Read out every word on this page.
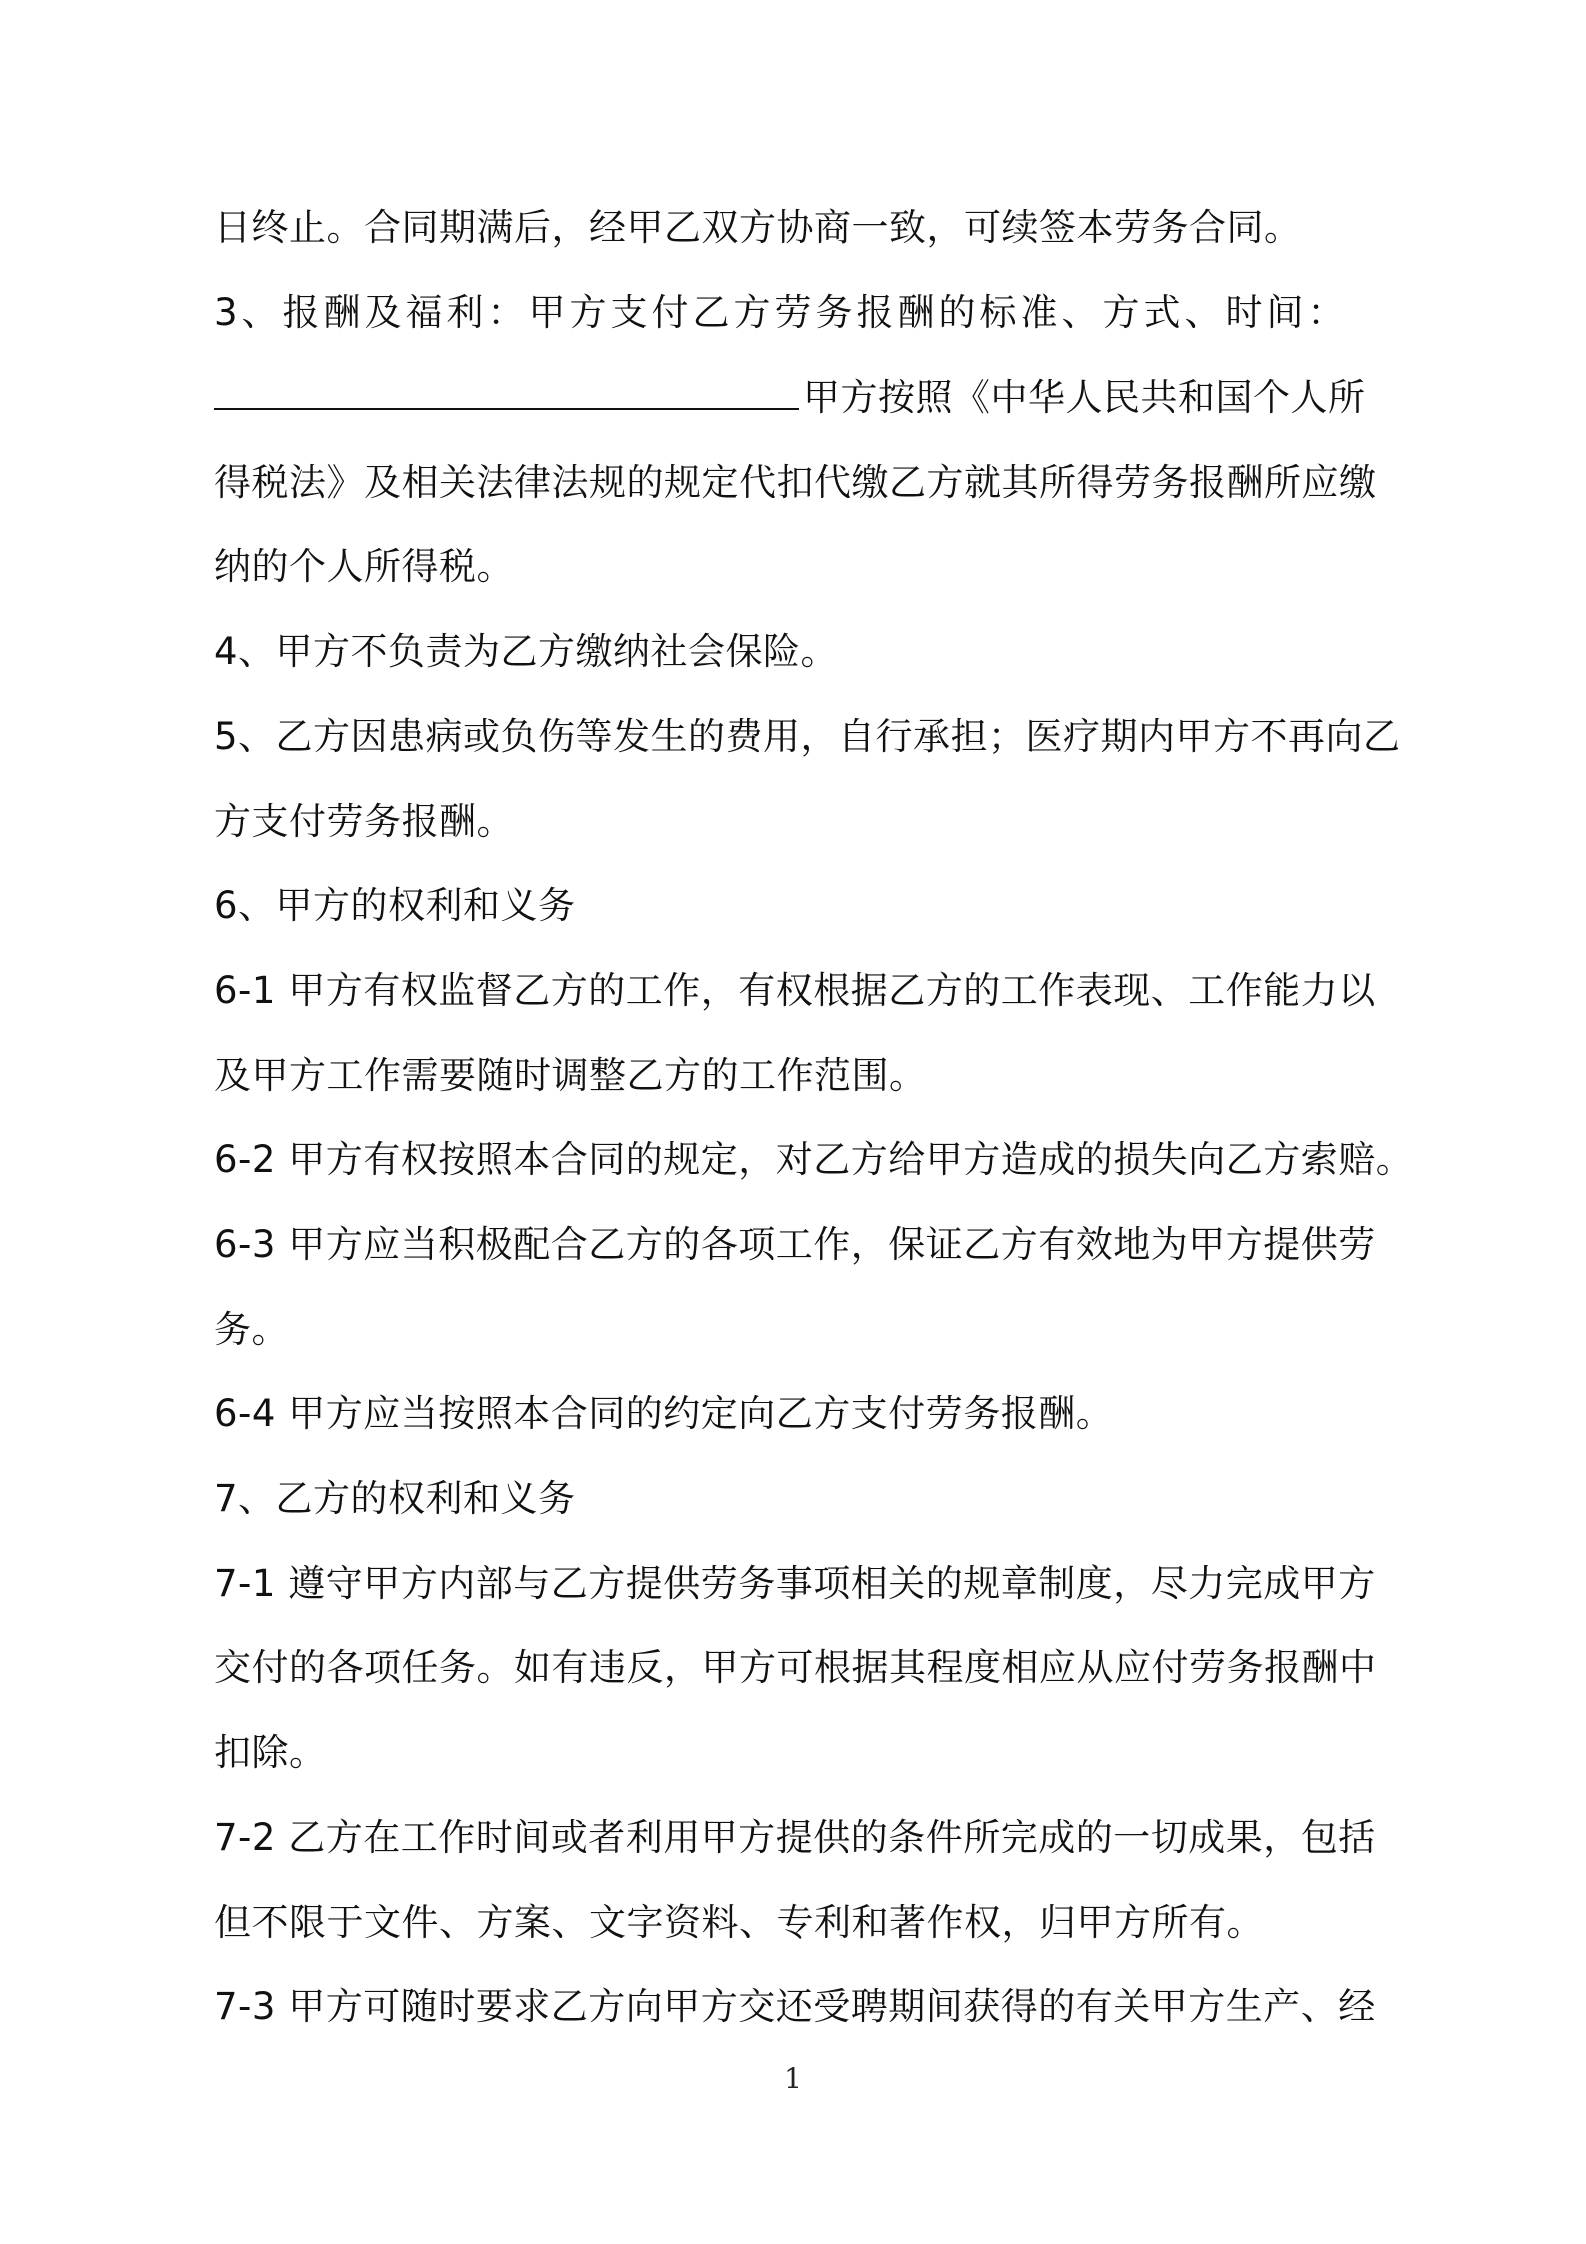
日终止。合同期满后，经甲乙双方协商一致，可续签本劳务合同。
3、报酬及福利：甲方支付乙方劳务报酬的标准、方式、时间：
甲方按照《中华人民共和国个人所
得税法》及相关法律法规的规定代扣代缴乙方就其所得劳务报酬所应缴
纳的个人所得税。
4、甲方不负责为乙方缴纳社会保险。
5、乙方因患病或负伤等发生的费用，自行承担；医疗期内甲方不再向乙
方支付劳务报酬。
6、甲方的权利和义务
6-1 甲方有权监督乙方的工作，有权根据乙方的工作表现、工作能力以
及甲方工作需要随时调整乙方的工作范围。
6-2 甲方有权按照本合同的规定，对乙方给甲方造成的损失向乙方索赔。
6-3 甲方应当积极配合乙方的各项工作，保证乙方有效地为甲方提供劳
务。
6-4 甲方应当按照本合同的约定向乙方支付劳务报酬。
7、乙方的权利和义务
7-1 遵守甲方内部与乙方提供劳务事项相关的规章制度，尽力完成甲方
交付的各项任务。如有违反，甲方可根据其程度相应从应付劳务报酬中
扣除。
7-2 乙方在工作时间或者利用甲方提供的条件所完成的一切成果，包括
但不限于文件、方案、文字资料、专利和著作权，归甲方所有。
7-3 甲方可随时要求乙方向甲方交还受聘期间获得的有关甲方生产、经
1
